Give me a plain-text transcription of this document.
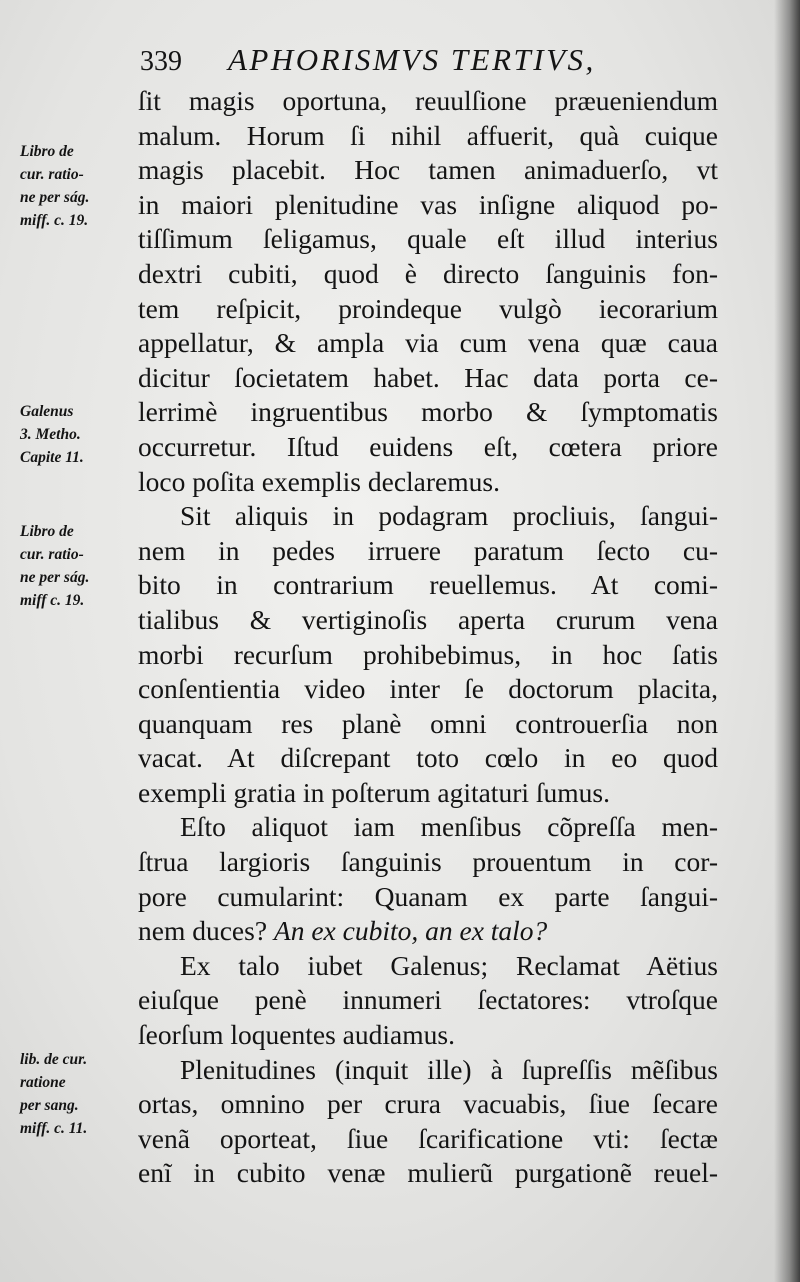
339 APHORISMVS TERTIVS,
Libro de
cur. ratio-
ne per ság.
miff. c. 19.
Galenus
3. Metho.
Capite 11.
Libro de
cur. ratio-
ne per ság.
miff c. 19.
lib. de cur.
ratione
per sang.
miff. c. 11.
ſit magis oportuna, reuulſione præueniendum
malum. Horum ſi nihil affuerit, quà cuique
magis placebit. Hoc tamen animaduerſo, vt
in maiori plenitudine vas inſigne aliquod po-
tiſſimum ſeligamus, quale eſt illud interius
dextri cubiti, quod è directo ſanguinis fon-
tem reſpicit, proindeque vulgò iecorarium
appellatur, & ampla via cum vena quæ caua
dicitur ſocietatem habet. Hac data porta ce-
lerrimè ingruentibus morbo & ſymptomatis
occurretur. Iſtud euidens eſt, cœtera priore
loco poſita exemplis declaremus.
Sit aliquis in podagram procliuis, ſangui-
nem in pedes irruere paratum ſecto cu-
bito in contrarium reuellemus. At comi-
tialibus & vertiginoſis aperta crurum vena
morbi recurſum prohibebimus, in hoc ſatis
conſentientia video inter ſe doctorum placita,
quanquam res planè omni controuerſia non
vacat. At diſcrepant toto cœlo in eo quod
exempli gratia in poſterum agitaturi ſumus.
Eſto aliquot iam menſibus cõpreſſa men-
ſtrua largioris ſanguinis prouentum in cor-
pore cumularint: Quanam ex parte ſangui-
nem duces? An ex cubito, an ex talo?
Ex talo iubet Galenus; Reclamat Aëtius
eiuſque penè innumeri ſectatores: vtroſque
ſeorſum loquentes audiamus.
Plenitudines (inquit ille) à ſupreſſis mẽſibus
ortas, omnino per crura vacuabis, ſiue ſecare
venã oporteat, ſiue ſcarificatione vti: ſectæ
enĩ in cubito venæ mulierũ purgationẽ reuel-
